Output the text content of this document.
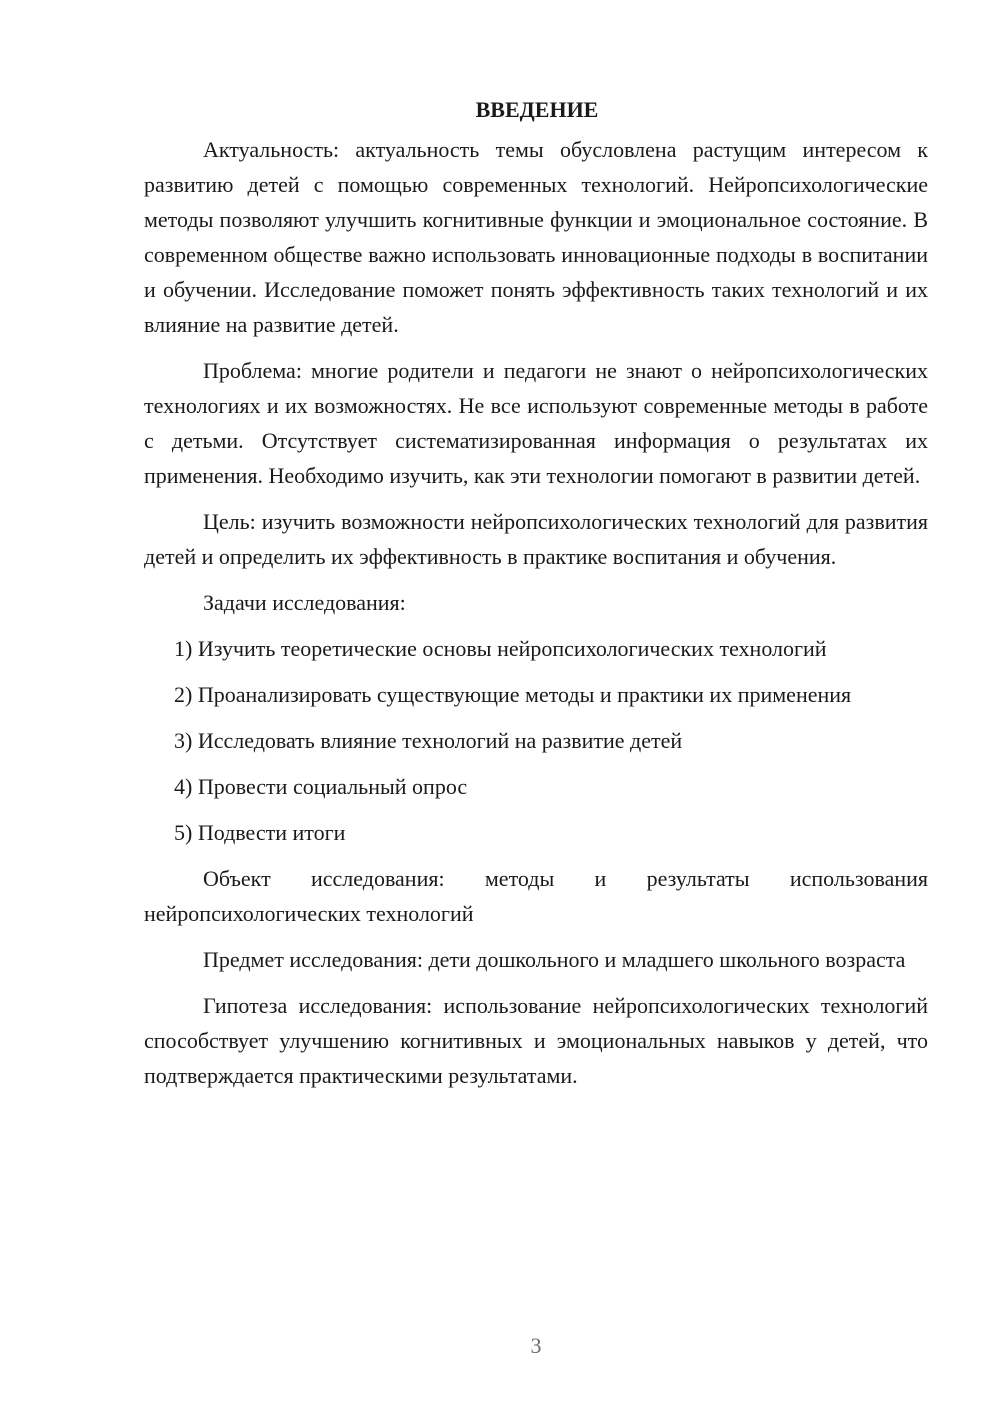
ВВЕДЕНИЕ

Актуальность: актуальность темы обусловлена растущим интересом к развитию детей с помощью современных технологий. Нейропсихологические методы позволяют улучшить когнитивные функции и эмоциональное состояние. В современном обществе важно использовать инновационные подходы в воспитании и обучении. Исследование поможет понять эффективность таких технологий и их влияние на развитие детей.

Проблема: многие родители и педагоги не знают о нейропсихологических технологиях и их возможностях. Не все используют современные методы в работе с детьми. Отсутствует систематизированная информация о результатах их применения. Необходимо изучить, как эти технологии помогают в развитии детей.

Цель: изучить возможности нейропсихологических технологий для развития детей и определить их эффективность в практике воспитания и обучения.

Задачи исследования:

1) Изучить теоретические основы нейропсихологических технологий

2) Проанализировать существующие методы и практики их применения

3) Исследовать влияние технологий на развитие детей

4) Провести социальный опрос

5) Подвести итоги

Объект исследования: методы и результаты использования нейропсихологических технологий

Предмет исследования: дети дошкольного и младшего школьного возраста

Гипотеза исследования: использование нейропсихологических технологий способствует улучшению когнитивных и эмоциональных навыков у детей, что подтверждается практическими результатами.

3
